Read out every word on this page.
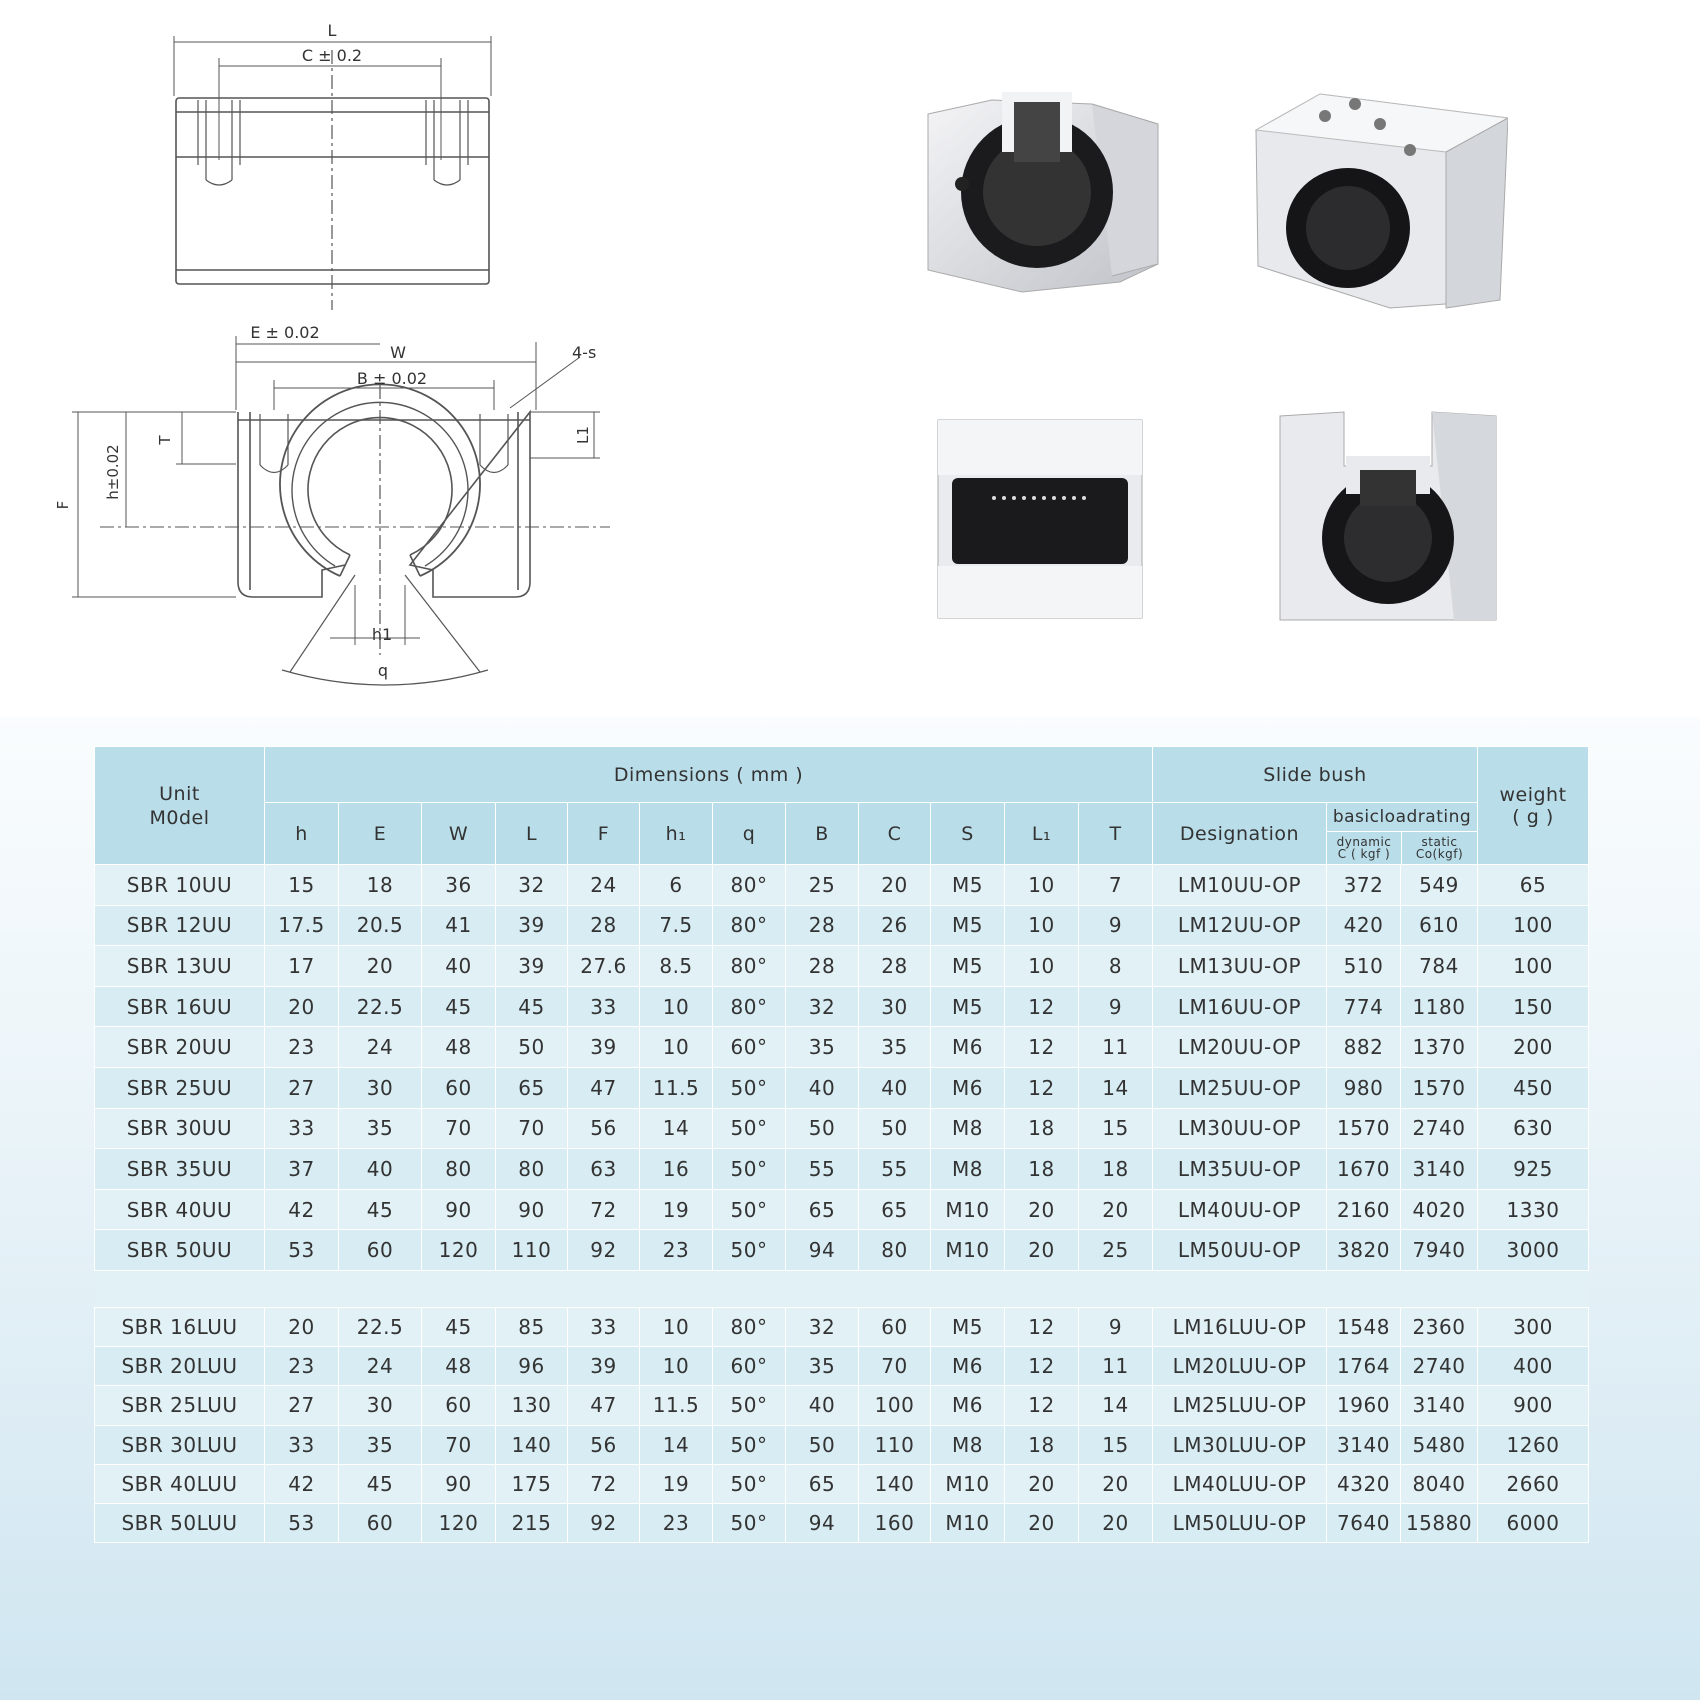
L
C ± 0.2
E ± 0.02
W
B ± 0.02
4-s
T	L1
h±0.02
F
h1
q
Unit
M0del	Dimensions ( mm )												Slide bush			weight
( g )
	h	E	W	L	F	h₁	q	B	C	S	L₁	T	Designation	basicloadrating
dynamic
C ( kgf )
static
Co(kgf)		

SBR 10UU	15	18	36	32	24	6	80°	25	20	M5	10	7	LM10UU-OP	372	549	65
SBR 12UU	17.5	20.5	41	39	28	7.5	80°	28	26	M5	10	9	LM12UU-OP	420	610	100
SBR 13UU	17	20	40	39	27.6	8.5	80°	28	28	M5	10	8	LM13UU-OP	510	784	100
SBR 16UU	20	22.5	45	45	33	10	80°	32	30	M5	12	9	LM16UU-OP	774	1180	150
SBR 20UU	23	24	48	50	39	10	60°	35	35	M6	12	11	LM20UU-OP	882	1370	200
SBR 25UU	27	30	60	65	47	11.5	50°	40	40	M6	12	14	LM25UU-OP	980	1570	450
SBR 30UU	33	35	70	70	56	14	50°	50	50	M8	18	15	LM30UU-OP	1570	2740	630
SBR 35UU	37	40	80	80	63	16	50°	55	55	M8	18	18	LM35UU-OP	1670	3140	925
SBR 40UU	42	45	90	90	72	19	50°	65	65	M10	20	20	LM40UU-OP	2160	4020	1330
SBR 50UU	53	60	120	110	92	23	50°	94	80	M10	20	25	LM50UU-OP	3820	7940	3000

SBR 16LUU	20	22.5	45	85	33	10	80°	32	60	M5	12	9	LM16LUU-OP	1548	2360	300
SBR 20LUU	23	24	48	96	39	10	60°	35	70	M6	12	11	LM20LUU-OP	1764	2740	400
SBR 25LUU	27	30	60	130	47	11.5	50°	40	100	M6	12	14	LM25LUU-OP	1960	3140	900
SBR 30LUU	33	35	70	140	56	14	50°	50	110	M8	18	15	LM30LUU-OP	3140	5480	1260
SBR 40LUU	42	45	90	175	72	19	50°	65	140	M10	20	20	LM40LUU-OP	4320	8040	2660
SBR 50LUU	53	60	120	215	92	23	50°	94	160	M10	20	20	LM50LUU-OP	7640	15880	6000
